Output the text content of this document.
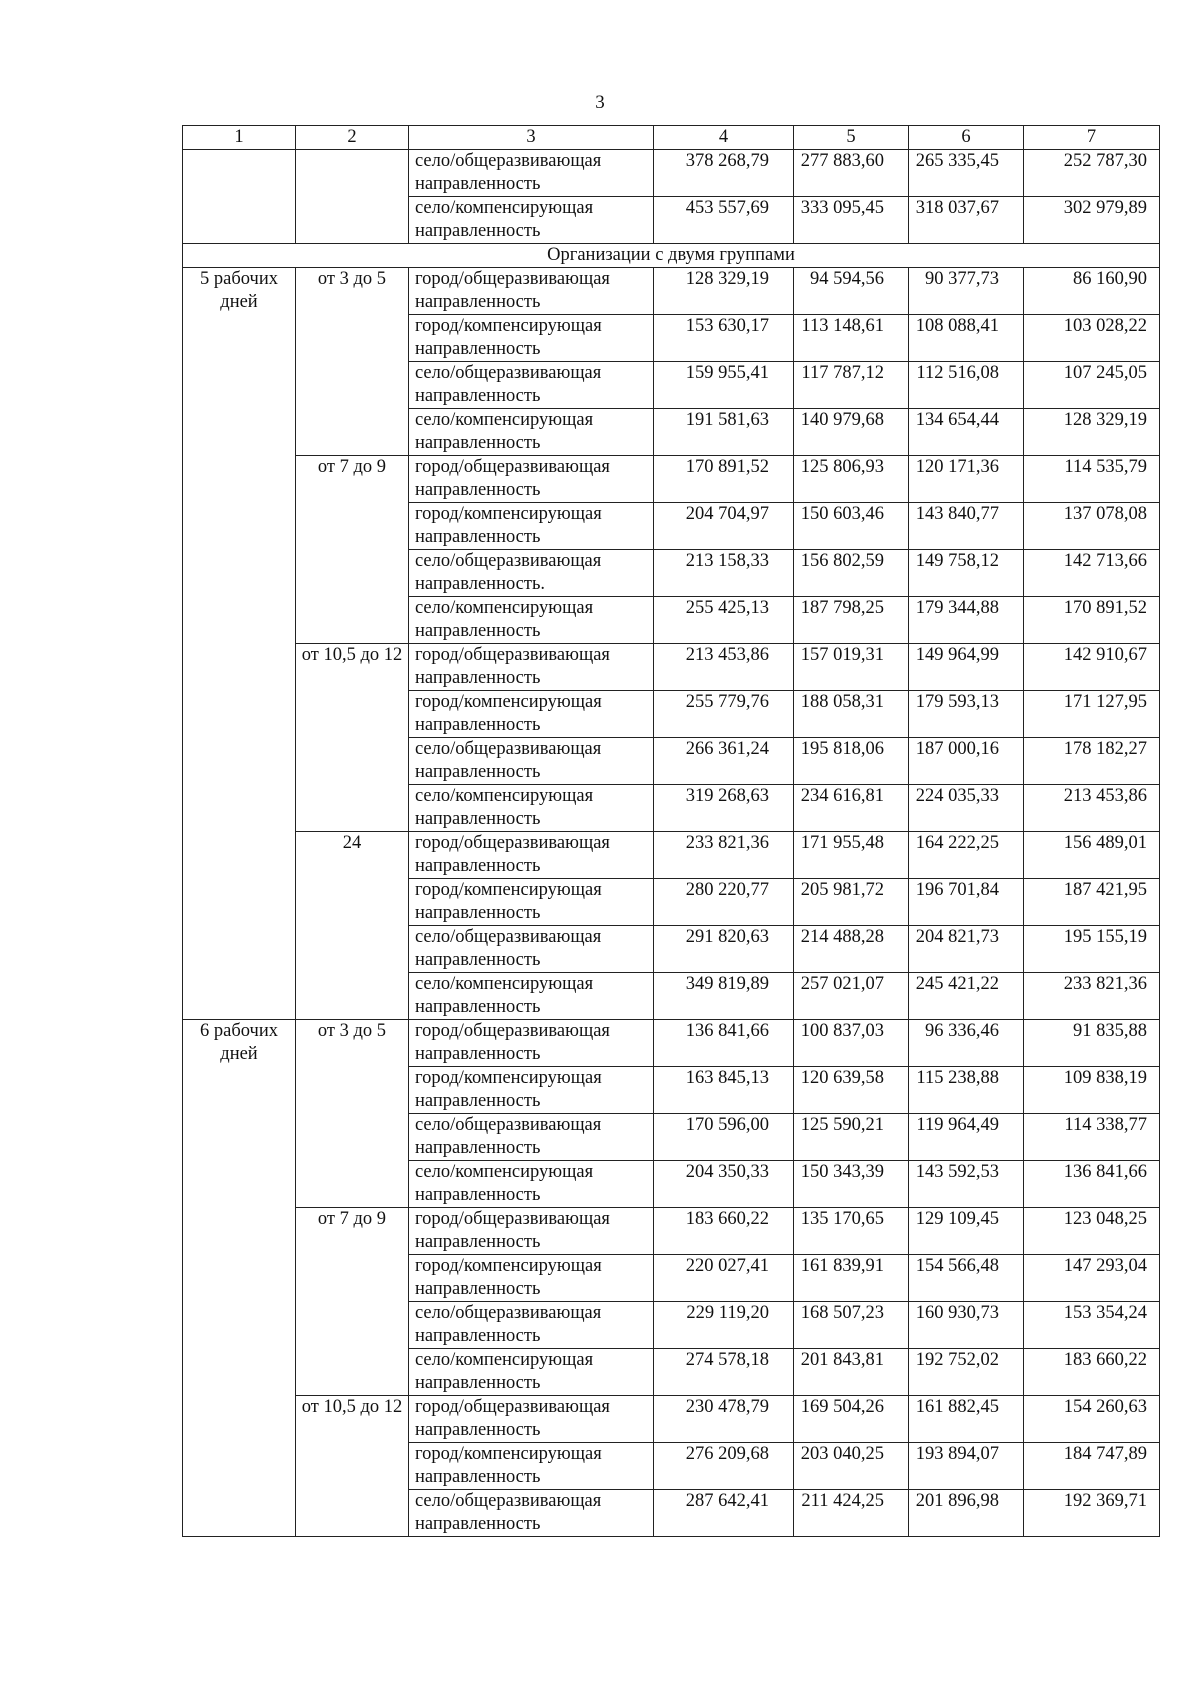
3
1	2	3	4	5	6	7

		село/общеразвивающая
направленность	378 268,79	277 883,60	265 335,45	252 787,30

		село/компенсирующая
направленность	453 557,69	333 095,45	318 037,67	302 979,89
Организации с двумя группами						
5 рабочих дней	от 3 до 5	город/общеразвивающая
направленность	128 329,19	94 594,56	90 377,73	86 160,90

		город/компенсирующая
направленность	153 630,17	113 148,61	108 088,41	103 028,22

		село/общеразвивающая
направленность	159 955,41	117 787,12	112 516,08	107 245,05

		село/компенсирующая
направленность	191 581,63	140 979,68	134 654,44	128 329,19
	от 7 до 9	город/общеразвивающая
направленность	170 891,52	125 806,93	120 171,36	114 535,79

		город/компенсирующая
направленность	204 704,97	150 603,46	143 840,77	137 078,08

		село/общеразвивающая
направленность.	213 158,33	156 802,59	149 758,12	142 713,66

		село/компенсирующая
направленность	255 425,13	187 798,25	179 344,88	170 891,52
	от 10,5 до 12	город/общеразвивающая
направленность	213 453,86	157 019,31	149 964,99	142 910,67

		город/компенсирующая
направленность	255 779,76	188 058,31	179 593,13	171 127,95

		село/общеразвивающая
направленность	266 361,24	195 818,06	187 000,16	178 182,27

		село/компенсирующая
направленность	319 268,63	234 616,81	224 035,33	213 453,86
	24	город/общеразвивающая
направленность	233 821,36	171 955,48	164 222,25	156 489,01

		город/компенсирующая
направленность	280 220,77	205 981,72	196 701,84	187 421,95

		село/общеразвивающая
направленность	291 820,63	214 488,28	204 821,73	195 155,19

		село/компенсирующая
направленность	349 819,89	257 021,07	245 421,22	233 821,36
6 рабочих дней	от 3 до 5	город/общеразвивающая
направленность	136 841,66	100 837,03	96 336,46	91 835,88

		город/компенсирующая
направленность	163 845,13	120 639,58	115 238,88	109 838,19

		село/общеразвивающая
направленность	170 596,00	125 590,21	119 964,49	114 338,77

		село/компенсирующая
направленность	204 350,33	150 343,39	143 592,53	136 841,66
	от 7 до 9	город/общеразвивающая
направленность	183 660,22	135 170,65	129 109,45	123 048,25

		город/компенсирующая
направленность	220 027,41	161 839,91	154 566,48	147 293,04

		село/общеразвивающая
направленность	229 119,20	168 507,23	160 930,73	153 354,24

		село/компенсирующая
направленность	274 578,18	201 843,81	192 752,02	183 660,22
	от 10,5 до 12	город/общеразвивающая
направленность	230 478,79	169 504,26	161 882,45	154 260,63

		город/компенсирующая
направленность	276 209,68	203 040,25	193 894,07	184 747,89

		село/общеразвивающая
направленность	287 642,41	211 424,25	201 896,98	192 369,71
